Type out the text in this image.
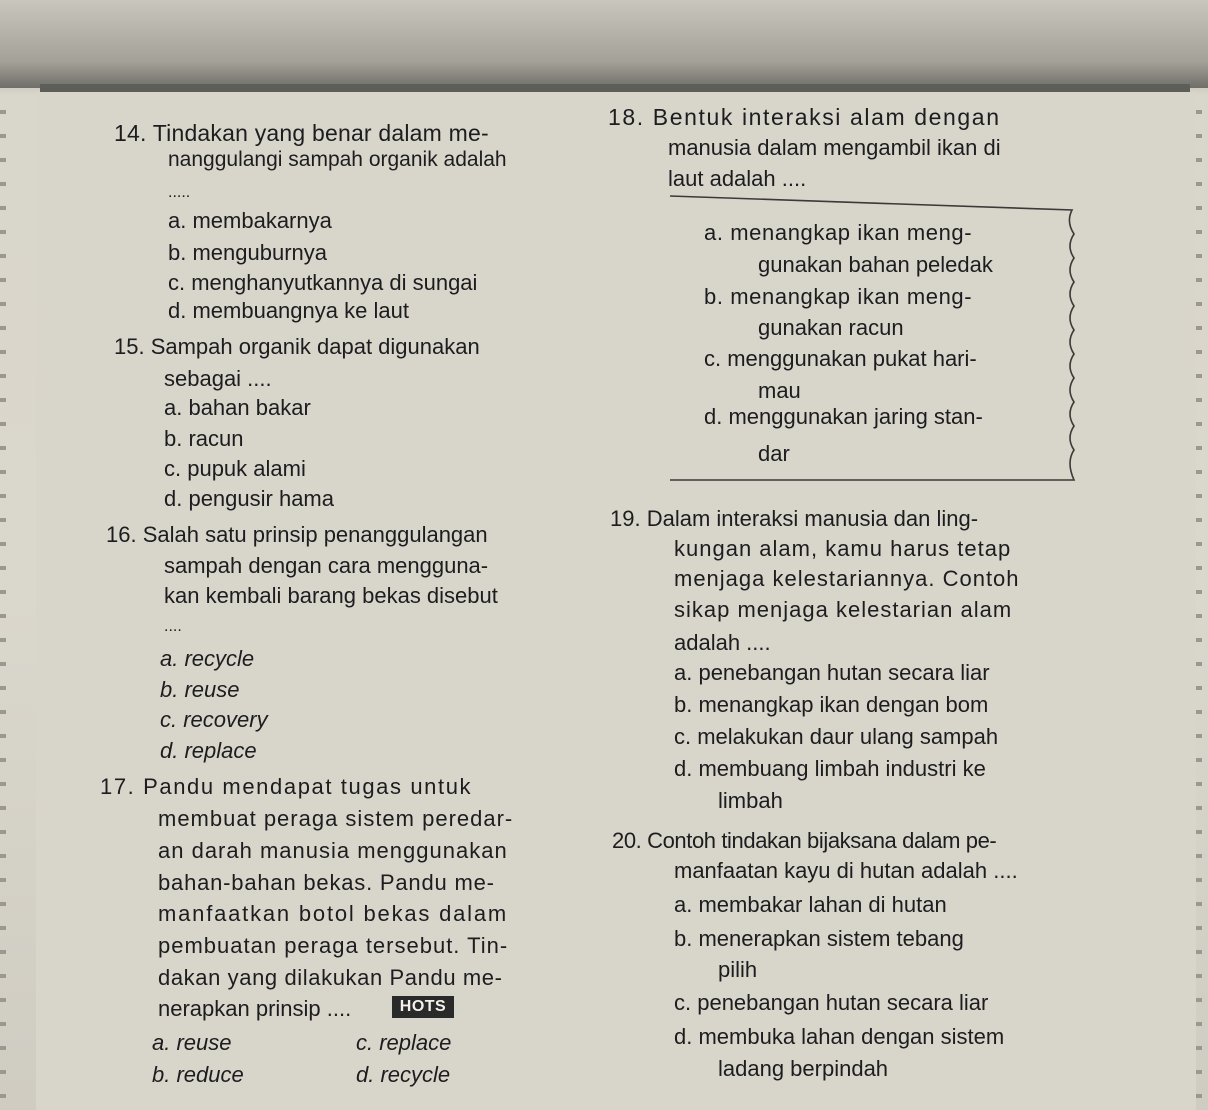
14. Tindakan yang benar dalam me-
nanggulangi sampah organik adalah
.....
a. membakarnya
b. menguburnya
c. menghanyutkannya di sungai
d. membuangnya ke laut
15. Sampah organik dapat digunakan
sebagai ....
a. bahan bakar
b. racun
c. pupuk alami
d. pengusir hama
16. Salah satu prinsip penanggulangan
sampah dengan cara mengguna-
kan kembali barang bekas disebut
....
a. recycle
b. reuse
c. recovery
d. replace
17. Pandu mendapat tugas untuk
membuat peraga sistem peredar-
an darah manusia menggunakan
bahan-bahan bekas. Pandu me-
manfaatkan botol bekas dalam
pembuatan peraga tersebut. Tin-
dakan yang dilakukan Pandu me-
nerapkan prinsip ....	HOTS
a. reuse	c. replace
b. reduce	d. recycle
18. Bentuk interaksi alam dengan
manusia dalam mengambil ikan di
laut adalah ....
a. menangkap ikan meng-
gunakan bahan peledak
b. menangkap ikan meng-
gunakan racun
c. menggunakan pukat hari-
mau
d. menggunakan jaring stan-
dar
19. Dalam interaksi manusia dan ling-
kungan alam, kamu harus tetap
menjaga kelestariannya. Contoh
sikap menjaga kelestarian alam
adalah ....
a. penebangan hutan secara liar
b. menangkap ikan dengan bom
c. melakukan daur ulang sampah
d. membuang limbah industri ke
limbah
20. Contoh tindakan bijaksana dalam pe-
manfaatan kayu di hutan adalah ....
a. membakar lahan di hutan
b. menerapkan sistem tebang
pilih
c. penebangan hutan secara liar
d. membuka lahan dengan sistem
ladang berpindah
